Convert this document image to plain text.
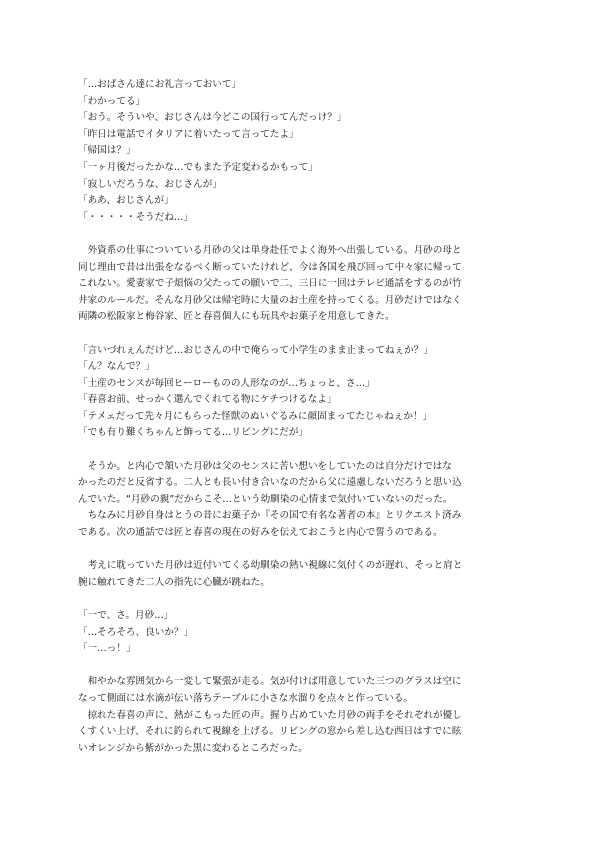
「…おばさん達にお礼言っておいて」
「わかってる」
「おう。そういや、おじさんは今どこの国行ってんだっけ？」
「昨日は電話でイタリアに着いたって言ってたよ」
「帰国は？」
「一ヶ月後だったかな…でもまた予定変わるかもって」
「寂しいだろうな、おじさんが」
「ああ、おじさんが」
「・・・・・そうだね…」
　外資系の仕事についている月砂の父は単身赴任でよく海外へ出張している。月砂の母と
同じ理由で昔は出張をなるべく断っていたけれど、今は各国を飛び回って中々家に帰って
これない。愛妻家で子煩悩の父たっての願いで二、三日に一回はテレビ通話をするのが竹
井家のルールだ。そんな月砂父は帰宅時に大量のお土産を持ってくる。月砂だけではなく
両隣の松阪家と梅谷家、匠と春喜個人にも玩具やお菓子を用意してきた。
「言いづれぇんだけど…おじさんの中で俺らって小学生のまま止まってねぇか？」
「ん？なんで？」
「土産のセンスが毎回ヒーローものの人形なのが…ちょっと、さ…」
「春喜お前、せっかく選んでくれてる物にケチつけるなよ」
「テメェだって先々月にもらった怪獣のぬいぐるみに顔固まってたじゃねぇか！」
「でも有り難くちゃんと飾ってる…リビングにだが」
　そうか。と内心で頷いた月砂は父のセンスに苦い想いをしていたのは自分だけではな
かったのだと反省する。二人とも長い付き合いなのだから父に遠慮しないだろうと思い込
んでいた。“月砂の親”だからこそ…という幼馴染の心情まで気付いていないのだった。
　ちなみに月砂自身はとうの昔にお菓子か『その国で有名な著者の本』とリクエスト済み
である。次の通話では匠と春喜の現在の好みを伝えておこうと内心で誓うのである。
　考えに耽っていた月砂は近付いてくる幼馴染の熱い視線に気付くのが遅れ、そっと肩と
腕に触れてきた二人の指先に心臓が跳ねた。
「一で、さ。月砂…」
「…そろそろ、良いか？」
「一…っ！」
　和やかな雰囲気から一変して緊張が走る。気が付けば用意していた三つのグラスは空に
なって側面には水滴が伝い落ちテーブルに小さな水溜りを点々と作っている。
　掠れた春喜の声に、熱がこもった匠の声。握り占めていた月砂の両手をそれぞれが優し
くすくい上げ、それに釣られて視線を上げる。リビングの窓から差し込む西日はすでに眩
いオレンジから紫がかった黒に変わるところだった。
